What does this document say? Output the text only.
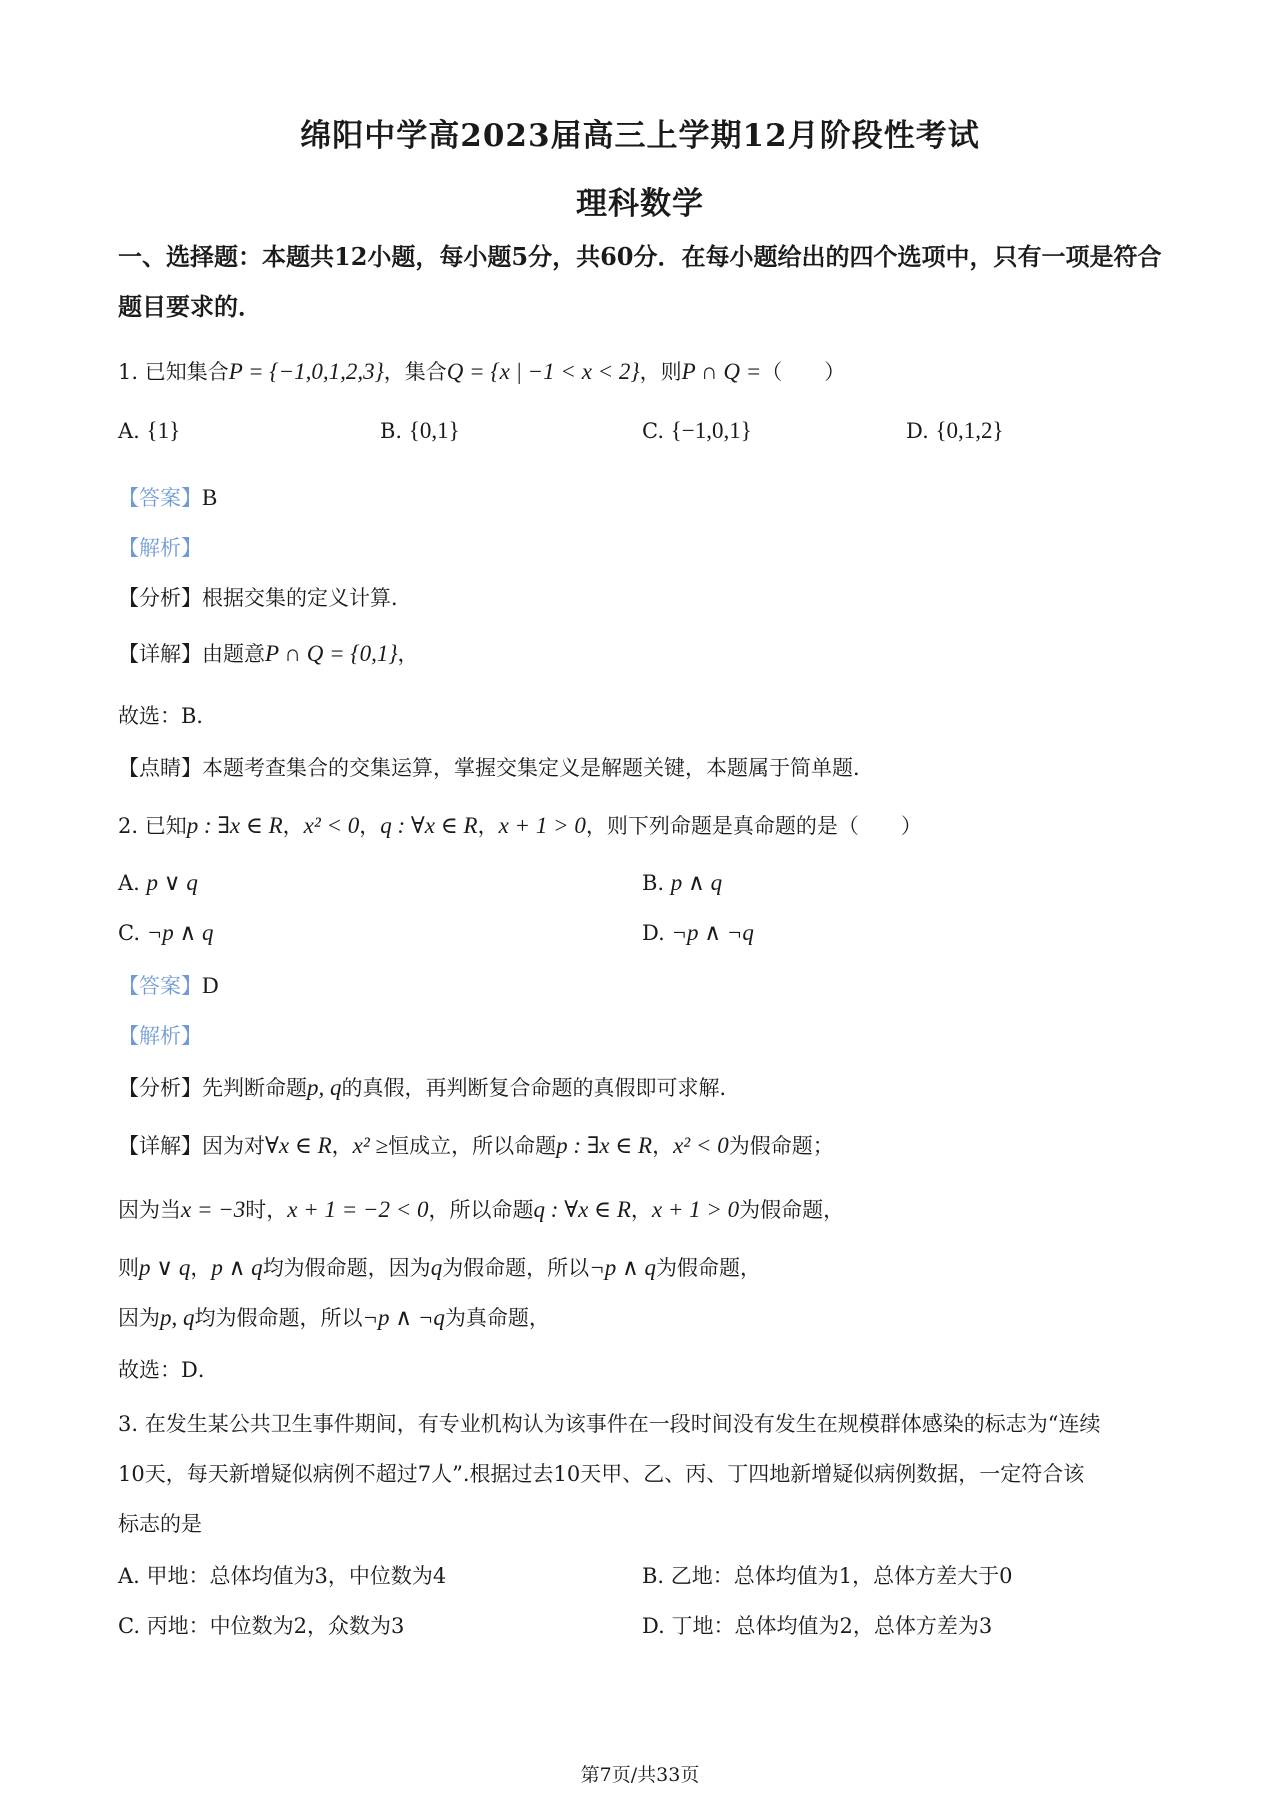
绵阳中学高2023届高三上学期12月阶段性考试
理科数学
一、选择题：本题共12小题，每小题5分，共60分．在每小题给出的四个选项中，只有一项是符合题目要求的．
1. 已知集合P = {−1,0,1,2,3}，集合Q = {x | −1 < x < 2}，则P ∩ Q =（　　）
A. {1}	B. {0,1}	C. {−1,0,1}	D. {0,1,2}
【答案】B
【解析】
【分析】根据交集的定义计算．
【详解】由题意P ∩ Q = {0,1}，
故选：B．
【点睛】本题考查集合的交集运算，掌握交集定义是解题关键，本题属于简单题．
2. 已知p : ∃x ∈ R，x² < 0，q : ∀x ∈ R，x + 1 > 0，则下列命题是真命题的是（　　）
A. p ∨ q	B. p ∧ q
C. ¬p ∧ q	D. ¬p ∧ ¬q
【答案】D
【解析】
【分析】先判断命题p, q的真假，再判断复合命题的真假即可求解．
【详解】因为对∀x ∈ R，x² ≥恒成立，所以命题p : ∃x ∈ R，x² < 0为假命题；
因为当x = −3时，x + 1 = −2 < 0，所以命题q : ∀x ∈ R，x + 1 > 0为假命题，
则p ∨ q，p ∧ q均为假命题，因为q为假命题，所以¬p ∧ q为假命题，
因为p, q均为假命题，所以¬p ∧ ¬q为真命题，
故选：D．
3. 在发生某公共卫生事件期间，有专业机构认为该事件在一段时间没有发生在规模群体感染的标志为“连续
10天，每天新增疑似病例不超过7人”.根据过去10天甲、乙、丙、丁四地新增疑似病例数据，一定符合该
标志的是
A. 甲地：总体均值为3，中位数为4	B. 乙地：总体均值为1，总体方差大于0
C. 丙地：中位数为2，众数为3	D. 丁地：总体均值为2，总体方差为3
第7页/共33页
